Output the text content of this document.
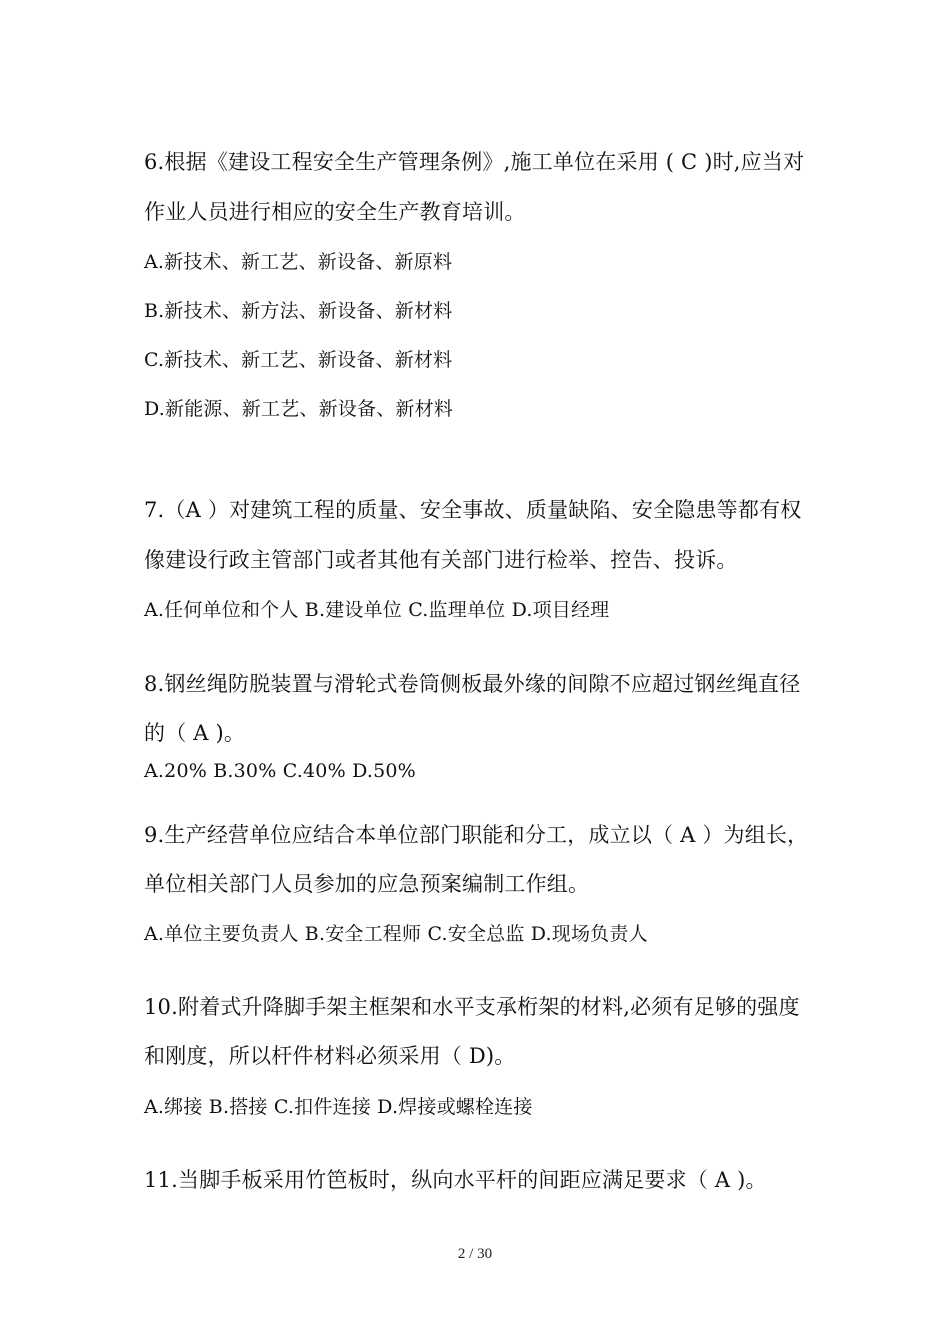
6.根据《建设工程安全生产管理条例》,施工单位在采用 ( C )时,应当对
作业人员进行相应的安全生产教育培训。
A.新技术、新工艺、新设备、新原料
B.新技术、新方法、新设备、新材料
C.新技术、新工艺、新设备、新材料
D.新能源、新工艺、新设备、新材料
7.（A ）对建筑工程的质量、安全事故、质量缺陷、安全隐患等都有权
像建设行政主管部门或者其他有关部门进行检举、控告、投诉。
A.任何单位和个人 B.建设单位 C.监理单位 D.项目经理
8.钢丝绳防脱装置与滑轮式卷筒侧板最外缘的间隙不应超过钢丝绳直径
的（ A )。
A.20% B.30% C.40% D.50%
9.生产经营单位应结合本单位部门职能和分工，成立以（ A ）为组长，
单位相关部门人员参加的应急预案编制工作组。
A.单位主要负责人 B.安全工程师 C.安全总监 D.现场负责人
10.附着式升降脚手架主框架和水平支承桁架的材料,必须有足够的强度
和刚度，所以杆件材料必须采用（ D)。
A.绑接 B.搭接 C.扣件连接 D.焊接或螺栓连接
11.当脚手板采用竹笆板时，纵向水平杆的间距应满足要求（ A )。
2 / 30
